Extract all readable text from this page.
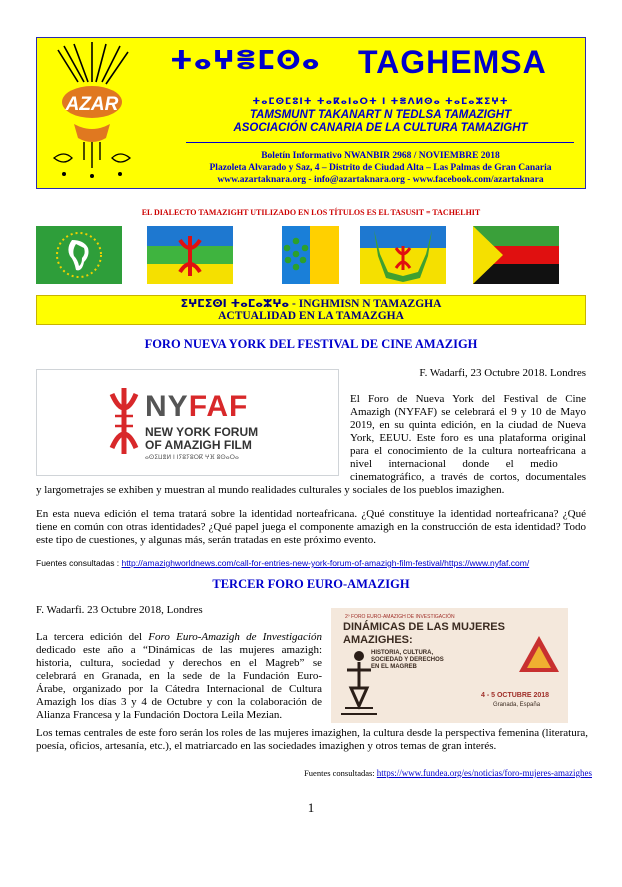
AZAR
ⵜⴰⵖⴻⵎⵙⴰ TAGHEMSA
ⵜⴰⵎⵙⵎⵓⵏⵜ ⵜⴰⴽⴰⵏⴰⵔⵜ ⵏ ⵜⴻⴷⵍⵙⴰ ⵜⴰⵎⴰⵣⵉⵖⵜ
TAMSMUNT TAKANART N TEDLSA TAMAZIGHT
ASOCIACIÓN CANARIA DE LA CULTURA TAMAZIGHT
Boletín Informativo NWANBIR 2968 / NOVIEMBRE 2018
Plazoleta Alvarado y Saz, 4 – Distrito de Ciudad Alta – Las Palmas de Gran Canaria
www.azartaknara.org - info@azartaknara.org - www.facebook.com/azartaknara
EL DIALECTO TAMAZIGHT UTILIZADO EN LOS TÍTULOS ES EL TASUSIT = TACHELHIT
ⵉⵖⵎⵉⵙⵏ ⵜⴰⵎⴰⵣⵖⴰ - INGHMISN N TAMAZGHA
ACTUALIDAD EN LA TAMAZGHA
FORO NUEVA YORK DEL FESTIVAL DE CINE AMAZIGH
NYFAF
NEW YORK FORUM
OF AMAZIGH FILM
ⴰⵙⵉⵡⴻⵍ ⵏ ⵏⵢⵓⵢⵓⵔⴽ ⵖⴼ ⵓⵙⴰⵔⴰ
F. Wadarfi, 23 Octubre 2018. Londres
El Foro de Nueva York del Festival de Cine
Amazigh (NYFAF) se celebrará el 9 y 10 de Mayo
2019, en su quinta edición, en la ciudad de Nueva
York, EEUU. Este foro es una plataforma original
para el conocimiento de la cultura norteafricana a
nivel      internacional      donde      el      medio
cinematográfico, a través de cortos, documentales
y largometrajes se exhiben y muestran al mundo realidades culturales y sociales de los pueblos imazighen.
En esta nueva edición el tema tratará sobre la identidad norteafricana. ¿Qué constituye la identidad norteafricana? ¿Qué tiene en común con otras identidades? ¿Qué papel juega el componente amazigh en la construcción de esta identidad? Todo este tipo de cuestiones, y algunas más, serán tratadas en este próximo evento.
Fuentes consultadas : http://amazighworldnews.com/call-for-entries-new-york-forum-of-amazigh-film-festival/https://www.nyfaf.com/
TERCER FORO EURO-AMAZIGH
F. Wadarfi. 23 Octubre 2018, Londres
La tercera edición del Foro Euro-Amazigh de Investigación
dedicado este año a “Dinámicas de las mujeres amazigh:
historia, cultura, sociedad y derechos en el Magreb” se
celebrará en Granada, en la sede de la Fundación Euro-
Árabe, organizado por la Cátedra Internacional de Cultura
Amazigh los días 3 y 4 de Octubre y con la colaboración de
Alianza Francesa y la Fundación Doctora Leila Mezian.
2º FORO EURO-AMAZIGH DE INVESTIGACIÓN
DINÁMICAS DE LAS MUJERES
AMAZIGHES:
HISTORIA, CULTURA,
SOCIEDAD Y DERECHOS
EN EL MAGREB
4 - 5 OCTUBRE 2018
Granada, España
Los temas centrales de este foro serán los roles de las mujeres imazighen, la cultura desde la perspectiva femenina (literatura, poesía, oficios, artesanía, etc.), el matriarcado en las sociedades imazighen y otros temas de gran interés.
Fuentes consultadas: https://www.fundea.org/es/noticias/foro-mujeres-amazighes
1
